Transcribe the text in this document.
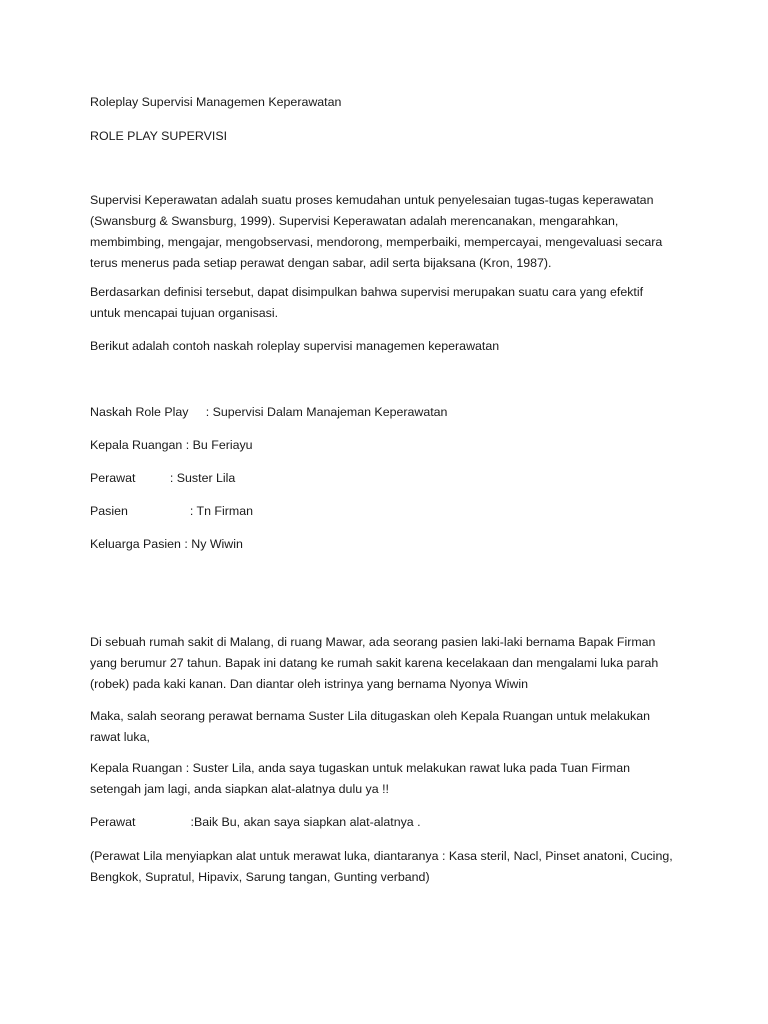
Roleplay Supervisi Managemen Keperawatan

ROLE PLAY SUPERVISI

Supervisi Keperawatan adalah suatu proses kemudahan untuk penyelesaian tugas-tugas keperawatan
(Swansburg & Swansburg, 1999). Supervisi Keperawatan adalah merencanakan, mengarahkan,
membimbing, mengajar, mengobservasi, mendorong, memperbaiki, mempercayai, mengevaluasi secara
terus menerus pada setiap perawat dengan sabar, adil serta bijaksana (Kron, 1987).
Berdasarkan definisi tersebut, dapat disimpulkan bahwa supervisi merupakan suatu cara yang efektif
untuk mencapai tujuan organisasi.

Berikut adalah contoh naskah roleplay supervisi managemen keperawatan

Naskah Role Play     : Supervisi Dalam Manajeman Keperawatan

Kepala Ruangan : Bu Feriayu

Perawat          : Suster Lila

Pasien                  : Tn Firman

Keluarga Pasien : Ny Wiwin

Di sebuah rumah sakit di Malang, di ruang Mawar, ada seorang pasien laki-laki bernama Bapak Firman
yang berumur 27 tahun. Bapak ini datang ke rumah sakit karena kecelakaan dan mengalami luka parah
(robek) pada kaki kanan. Dan diantar oleh istrinya yang bernama Nyonya Wiwin
Maka, salah seorang perawat bernama Suster Lila ditugaskan oleh Kepala Ruangan untuk melakukan
rawat luka,
Kepala Ruangan : Suster Lila, anda saya tugaskan untuk melakukan rawat luka pada Tuan Firman
setengah jam lagi, anda siapkan alat-alatnya dulu ya !!

Perawat                :Baik Bu, akan saya siapkan alat-alatnya .

(Perawat Lila menyiapkan alat untuk merawat luka, diantaranya : Kasa steril, Nacl, Pinset anatoni, Cucing,
Bengkok, Supratul, Hipavix, Sarung tangan, Gunting verband)
